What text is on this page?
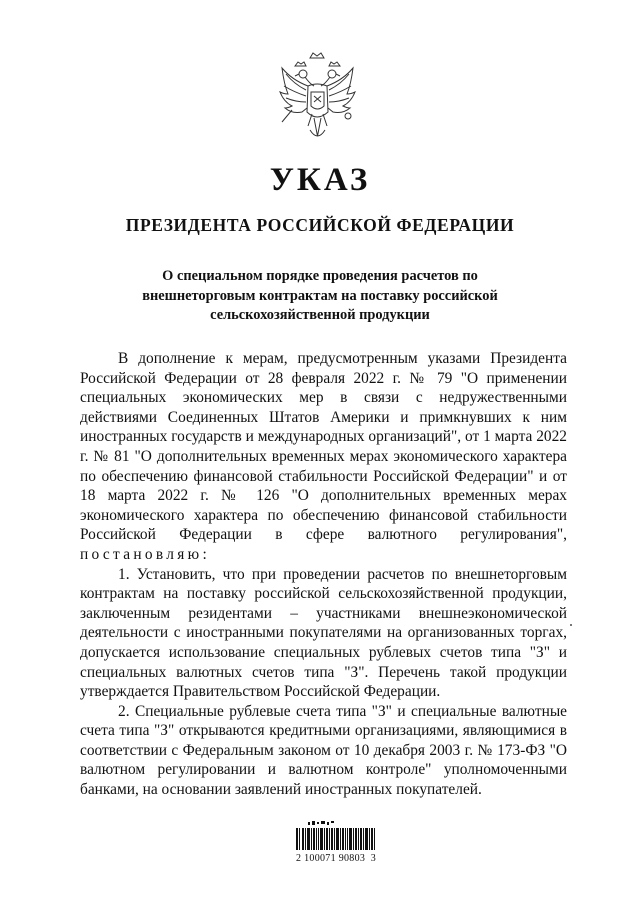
УКАЗ
ПРЕЗИДЕНТА РОССИЙСКОЙ ФЕДЕРАЦИИ
О специальном порядке проведения расчетов по
внешнеторговым контрактам на поставку российской
сельскохозяйственной продукции

В дополнение к мерам, предусмотренным указами Президента Российской Федерации от 28 февраля 2022 г. № 79 "О применении специальных экономических мер в связи с недружественными действиями Соединенных Штатов Америки и примкнувших к ним иностранных государств и международных организаций", от 1 марта 2022 г. № 81 "О дополнительных временных мерах экономического характера по обеспечению финансовой стабильности Российской Федерации" и от 18 марта 2022 г. № 126 "О дополнительных временных мерах экономического характера по обеспечению финансовой стабильности Российской Федерации в сфере валютного регулирования", постановляю:

1. Установить, что при проведении расчетов по внешнеторговым контрактам на поставку российской сельскохозяйственной продукции, заключенным резидентами – участниками внешнеэкономической деятельности с иностранными покупателями на организованных торгах, допускается использование специальных рублевых счетов типа "З" и специальных валютных счетов типа "З". Перечень такой продукции утверждается Правительством Российской Федерации.

2. Специальные рублевые счета типа "З" и специальные валютные счета типа "З" открываются кредитными организациями, являющимися в соответствии с Федеральным законом от 10 декабря 2003 г. № 173-ФЗ "О валютном регулировании и валютном контроле" уполномоченными банками, на основании заявлений иностранных покупателей.

2 100071 90803  3
